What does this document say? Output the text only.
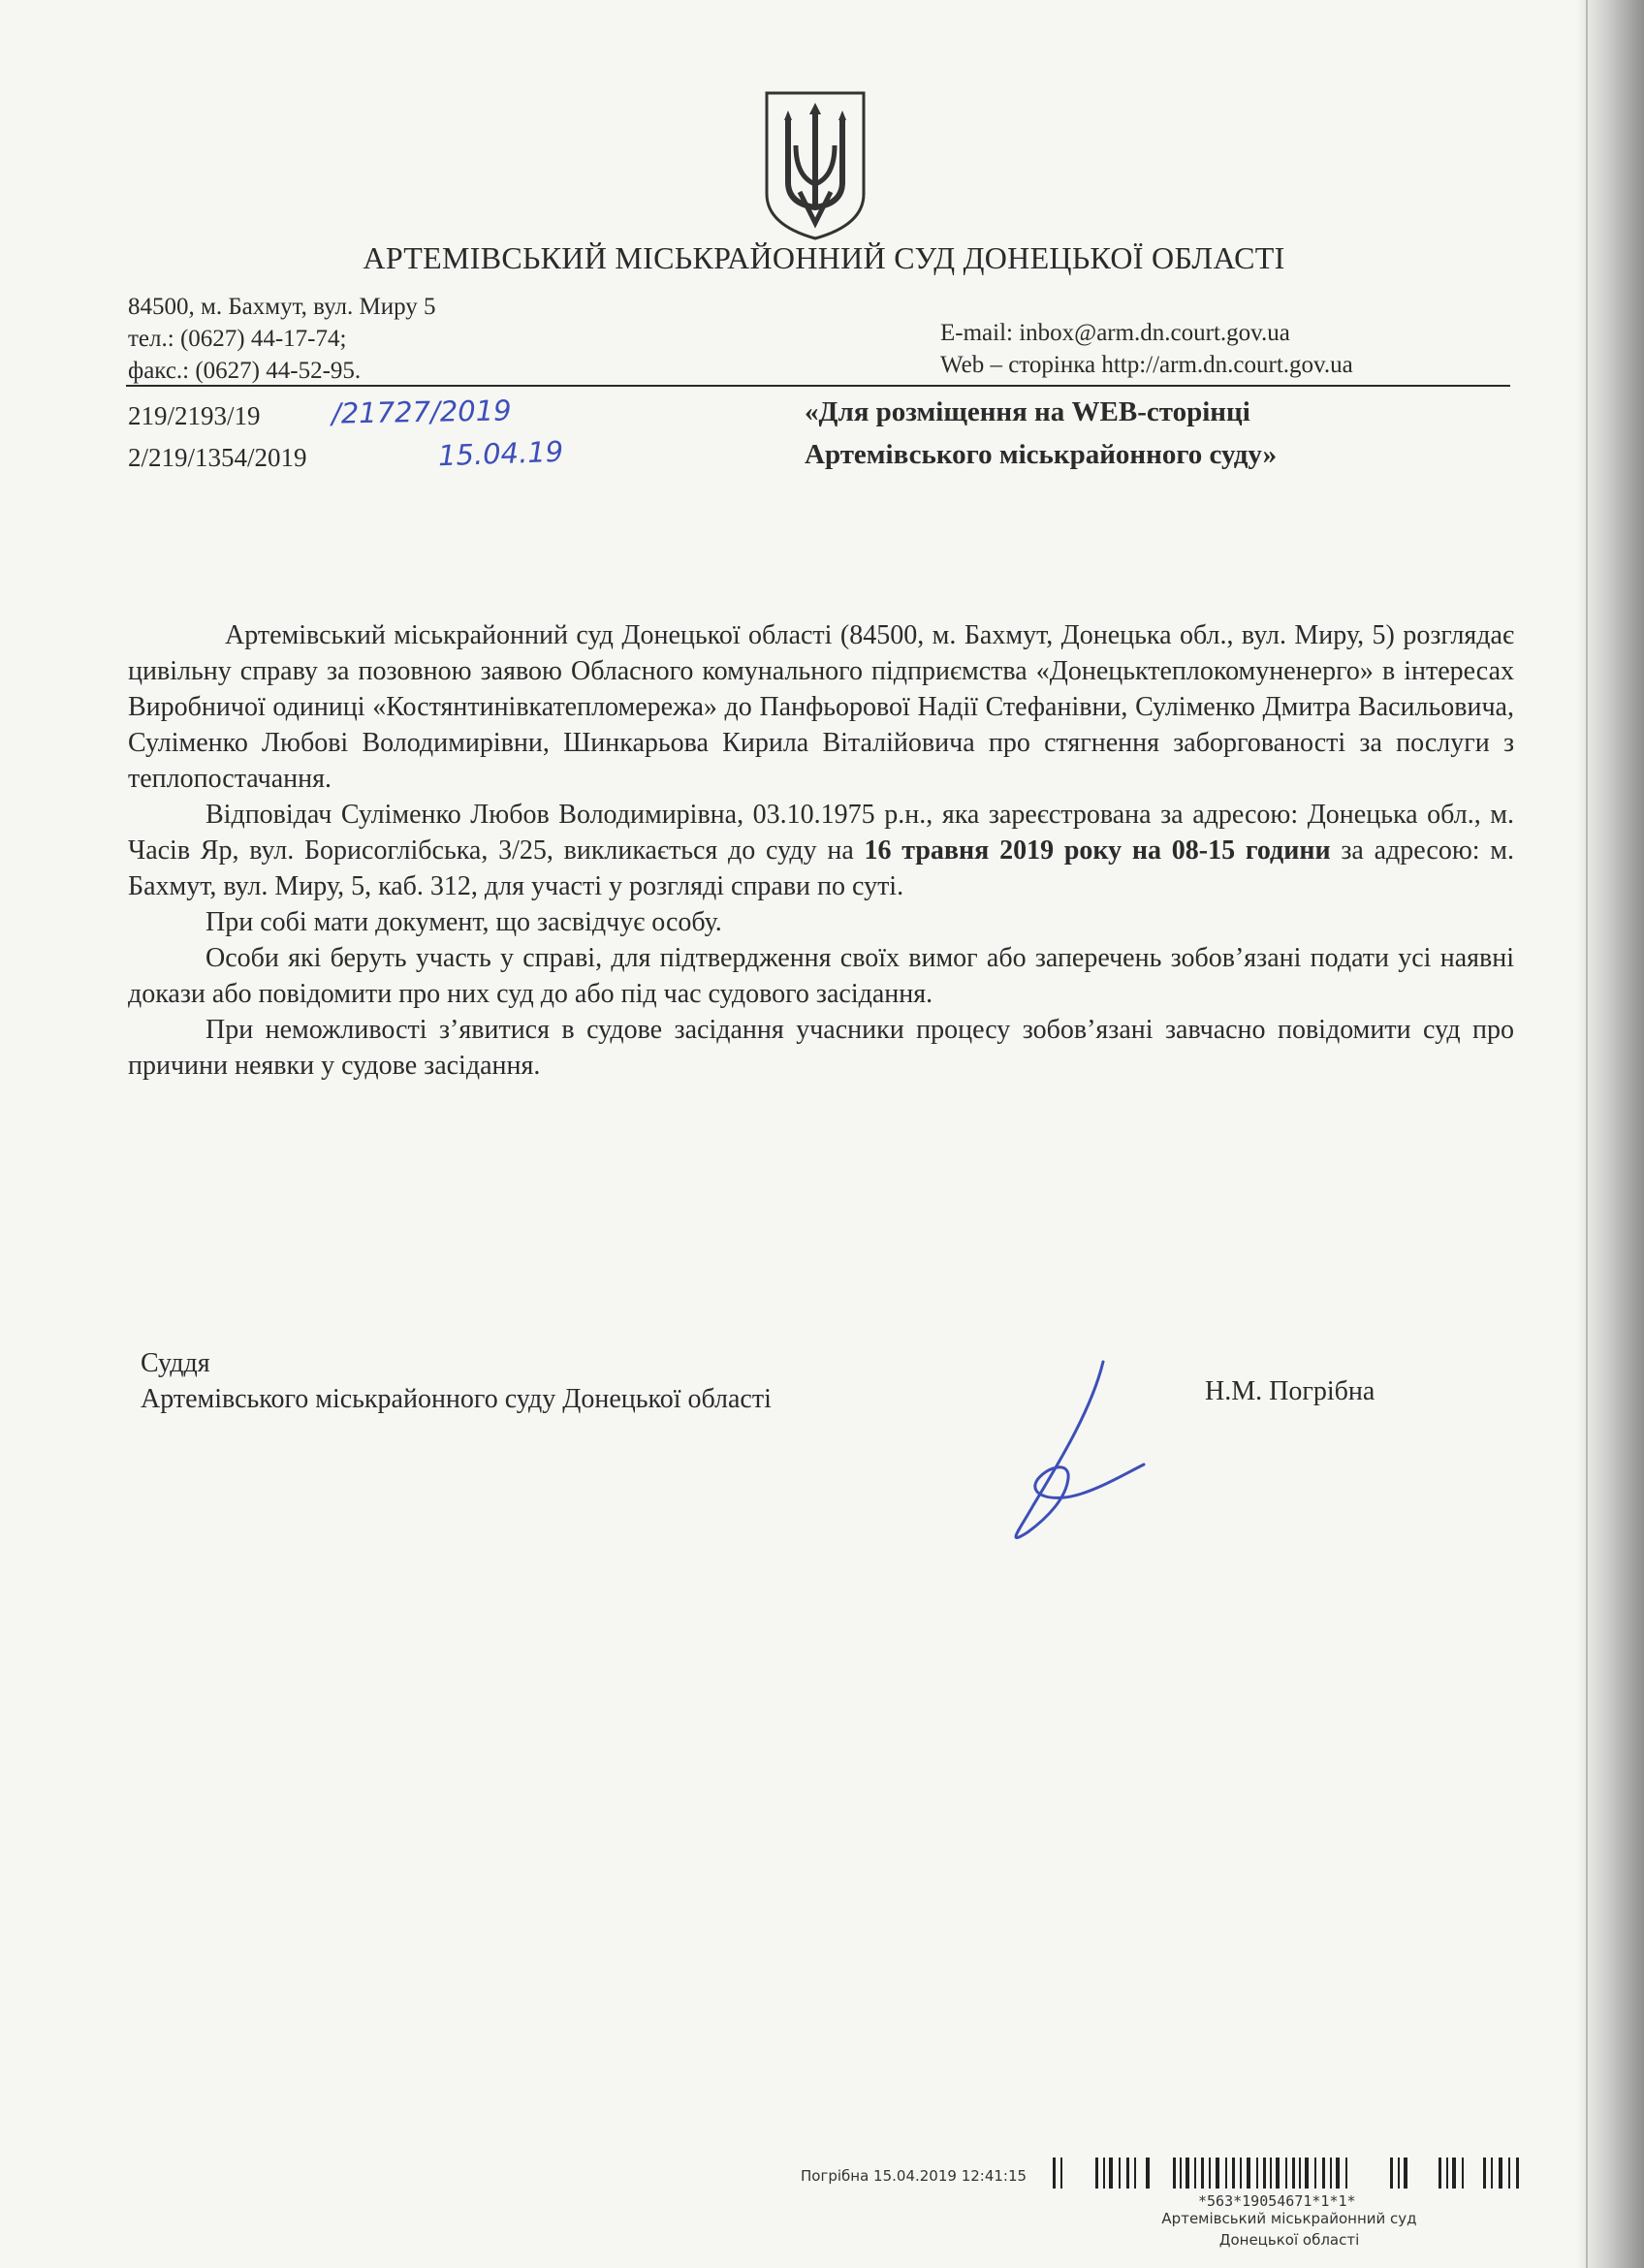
АРТЕМІВСЬКИЙ МІСЬКРАЙОННИЙ СУД ДОНЕЦЬКОЇ ОБЛАСТІ
84500, м. Бахмут, вул. Миру 5
тел.: (0627) 44-17-74;
факс.: (0627) 44-52-95.
E-mail: inbox@arm.dn.court.gov.ua
Web – сторінка http://arm.dn.court.gov.ua
219/2193/19
2/219/1354/2019
/21727/2019
15.04.19
«Для розміщення на WEB-сторінці
Артемівського міськрайонного суду»

Артемівський міськрайонний суд Донецької області (84500, м. Бахмут, Донецька обл., вул. Миру, 5) розглядає цивільну справу за позовною заявою Обласного комунального підприємства «Донецьктеплокомуненерго» в інтересах Виробничої одиниці «Костянтинівкатепломережа» до Панфьорової Надії Стефанівни, Суліменко Дмитра Васильовича, Суліменко Любові Володимирівни, Шинкарьова Кирила Віталійовича про стягнення заборгованості за послуги з теплопостачання.

Відповідач Суліменко Любов Володимирівна, 03.10.1975 р.н., яка зареєстрована за адресою: Донецька обл., м. Часів Яр, вул. Борисоглібська, 3/25, викликається до суду на 16 травня 2019 року на 08-15 години за адресою: м. Бахмут, вул. Миру, 5, каб. 312, для участі у розгляді справи по суті.

При собі мати документ, що засвідчує особу.

Особи які беруть участь у справі, для підтвердження своїх вимог або заперечень зобов’язані подати усі наявні докази або повідомити про них суд до або під час судового засідання.

При неможливості з’явитися в судове засідання учасники процесу зобов’язані завчасно повідомити суд про причини неявки у судове засідання.

Суддя
Артемівського міськрайонного суду Донецької області	Н.М. Погрібна
Артемівський міськрайонний суд
Донецької області
Погрібна 15.04.2019 12:41:15
*563*19054671*1*1*
